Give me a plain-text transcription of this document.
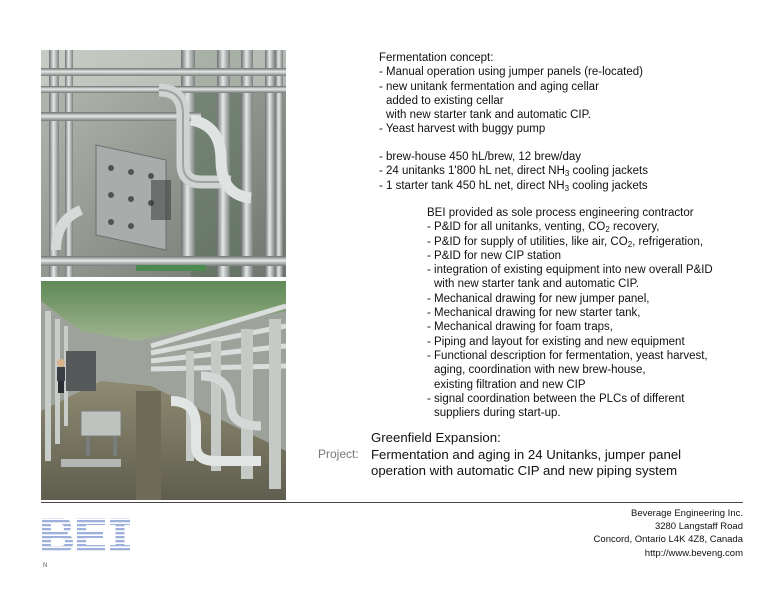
Fermentation concept:
- Manual operation using jumper panels (re-located)
- new unitank fermentation and aging cellar
added to existing cellar
with new starter tank and automatic CIP.
- Yeast harvest with buggy pump
- brew-house 450 hL/brew, 12 brew/day
- 24 unitanks 1'800 hL net, direct $NH_3$ cooling jackets
- 1 starter tank 450 hL net, direct $NH_3$ cooling jackets
BEI provided as sole process engineering contractor
- P&ID for all unitanks, venting, $CO_2$ recovery,
- P&ID for supply of utilities, like air, $CO_2$, refrigeration,
- P&ID for new CIP station
- integration of existing equipment into new overall P&ID
with new starter tank and automatic CIP.
- Mechanical drawing for new jumper panel,
- Mechanical drawing for new starter tank,
- Mechanical drawing for foam traps,
- Piping and layout for existing and new equipment
- Functional description for fermentation, yeast harvest,
aging, coordination with new brew-house,
existing filtration and new CIP
- signal coordination between the PLCs of different
suppliers during start-up.
Project:
Greenfield Expansion:
Fermentation and aging in 24 Unitanks, jumper panel
operation with automatic CIP and new piping system
Beverage Engineering Inc.
3280 Langstaff Road
Concord, Ontario L4K 4Z8, Canada
http://www.beveng.com
N
